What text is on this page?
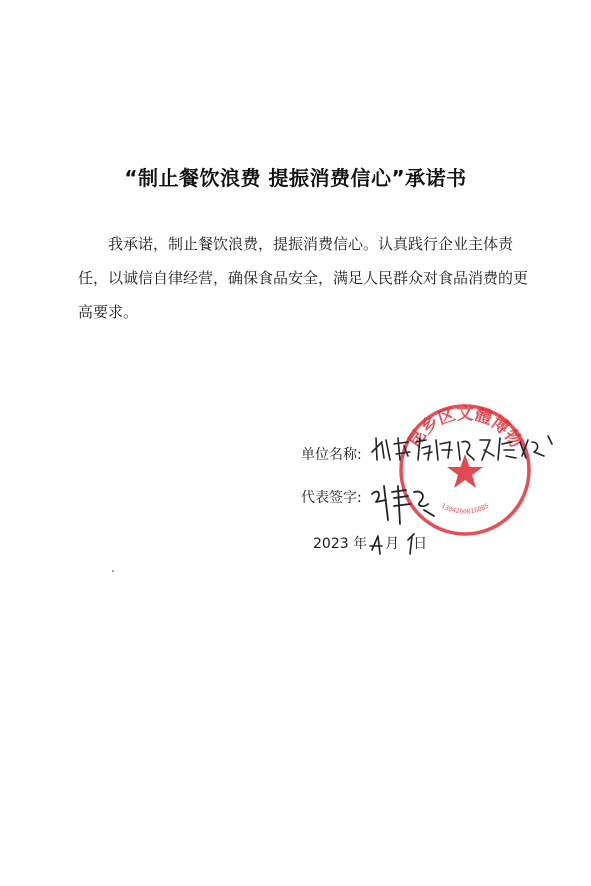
“制止餐饮浪费 提振消费信心”承诺书
我承诺，制止餐饮浪费，提振消费信心。认真践行企业主体责任，以诚信自律经营，确保食品安全，满足人民群众对食品消费的更高要求。
昆乡区文體博物
1304260016085
单位名称:
代表签字:
2023 年 月 日
